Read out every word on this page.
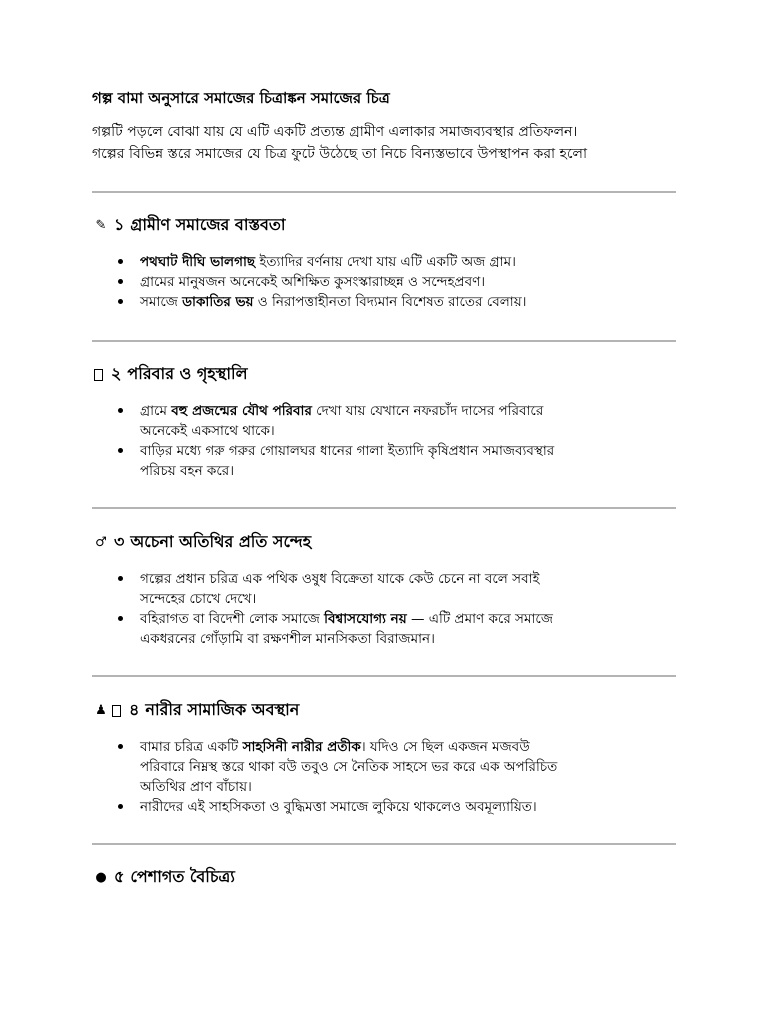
গল্প বামা অনুসারে সমাজের চিত্রাঙ্কন সমাজের চিত্র
গল্পটি পড়লে বোঝা যায় যে এটি একটি প্রত্যন্ত গ্রামীণ এলাকার সমাজব্যবস্থার প্রতিফলন।
গল্পের বিভিন্ন স্তরে সমাজের যে চিত্র ফুটে উঠেছে তা নিচে বিন্যস্তভাবে উপস্থাপন করা হলো
✎ ১ গ্রামীণ সমাজের বাস্তবতা
পথঘাট দীঘি ভালগাছ ইত্যাদির বর্ণনায় দেখা যায় এটি একটি অজ গ্রাম।
গ্রামের মানুষজন অনেকেই অশিক্ষিত কুসংস্কারাচ্ছন্ন ও সন্দেহপ্রবণ।
সমাজে ডাকাতির ভয় ও নিরাপত্তাহীনতা বিদ্যমান বিশেষত রাতের বেলায়।
২ পরিবার ও গৃহস্থালি
গ্রামে বহু প্রজন্মের যৌথ পরিবার দেখা যায় যেখানে নফরচাঁদ দাসের পরিবারে
অনেকেই একসাথে থাকে।
বাড়ির মধ্যে গরু গরুর গোয়ালঘর ধানের গালা ইত্যাদি কৃষিপ্রধান সমাজব্যবস্থার
পরিচয় বহন করে।
♂ ৩ অচেনা অতিথির প্রতি সন্দেহ
গল্পের প্রধান চরিত্র এক পথিক ওষুধ বিক্রেতা যাকে কেউ চেনে না বলে সবাই
সন্দেহের চোখে দেখে।
বহিরাগত বা বিদেশী লোক সমাজে বিশ্বাসযোগ্য নয় — এটি প্রমাণ করে সমাজে
একধরনের গোঁড়ামি বা রক্ষণশীল মানসিকতা বিরাজমান।
♟ ৪ নারীর সামাজিক অবস্থান
বামার চরিত্র একটি সাহসিনী নারীর প্রতীক। যদিও সে ছিল একজন মজবউ
পরিবারে নিম্নস্থ স্তরে থাকা বউ তবুও সে নৈতিক সাহসে ভর করে এক অপরিচিত
অতিথির প্রাণ বাঁচায়।
নারীদের এই সাহসিকতা ও বুদ্ধিমত্তা সমাজে লুকিয়ে থাকলেও অবমূল্যায়িত।
● ৫ পেশাগত বৈচিত্র্য
